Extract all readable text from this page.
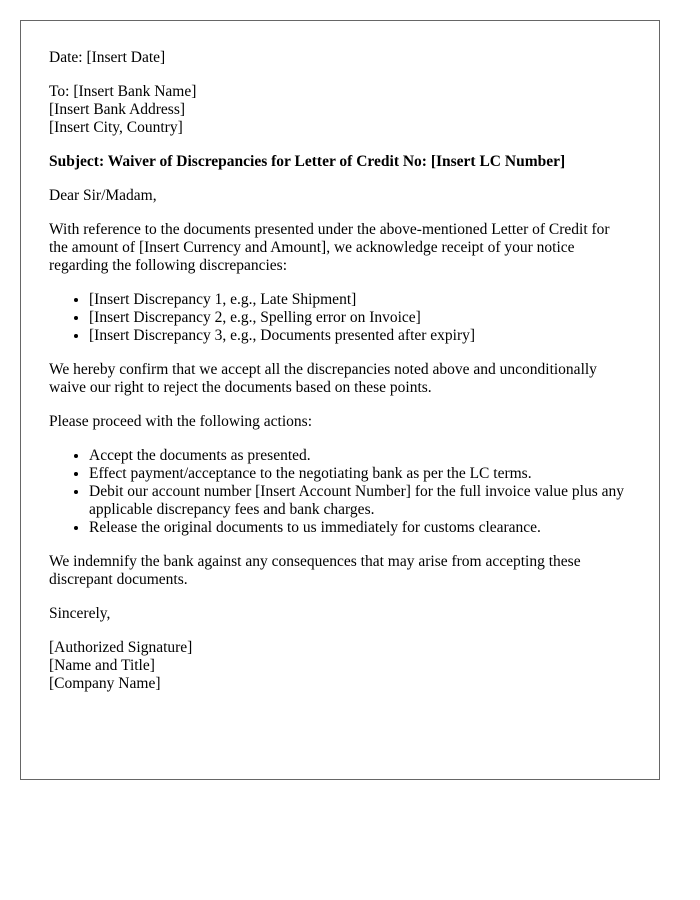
Date: [Insert Date]

To: [Insert Bank Name]
[Insert Bank Address]
[Insert City, Country]

Subject: Waiver of Discrepancies for Letter of Credit No: [Insert LC Number]

Dear Sir/Madam,

With reference to the documents presented under the above-mentioned Letter of Credit for the amount of [Insert Currency and Amount], we acknowledge receipt of your notice regarding the following discrepancies:

• [Insert Discrepancy 1, e.g., Late Shipment]
• [Insert Discrepancy 2, e.g., Spelling error on Invoice]
• [Insert Discrepancy 3, e.g., Documents presented after expiry]

We hereby confirm that we accept all the discrepancies noted above and unconditionally waive our right to reject the documents based on these points.

Please proceed with the following actions:

• Accept the documents as presented.
• Effect payment/acceptance to the negotiating bank as per the LC terms.
• Debit our account number [Insert Account Number] for the full invoice value plus any applicable discrepancy fees and bank charges.
• Release the original documents to us immediately for customs clearance.

We indemnify the bank against any consequences that may arise from accepting these discrepant documents.

Sincerely,

[Authorized Signature]
[Name and Title]
[Company Name]
